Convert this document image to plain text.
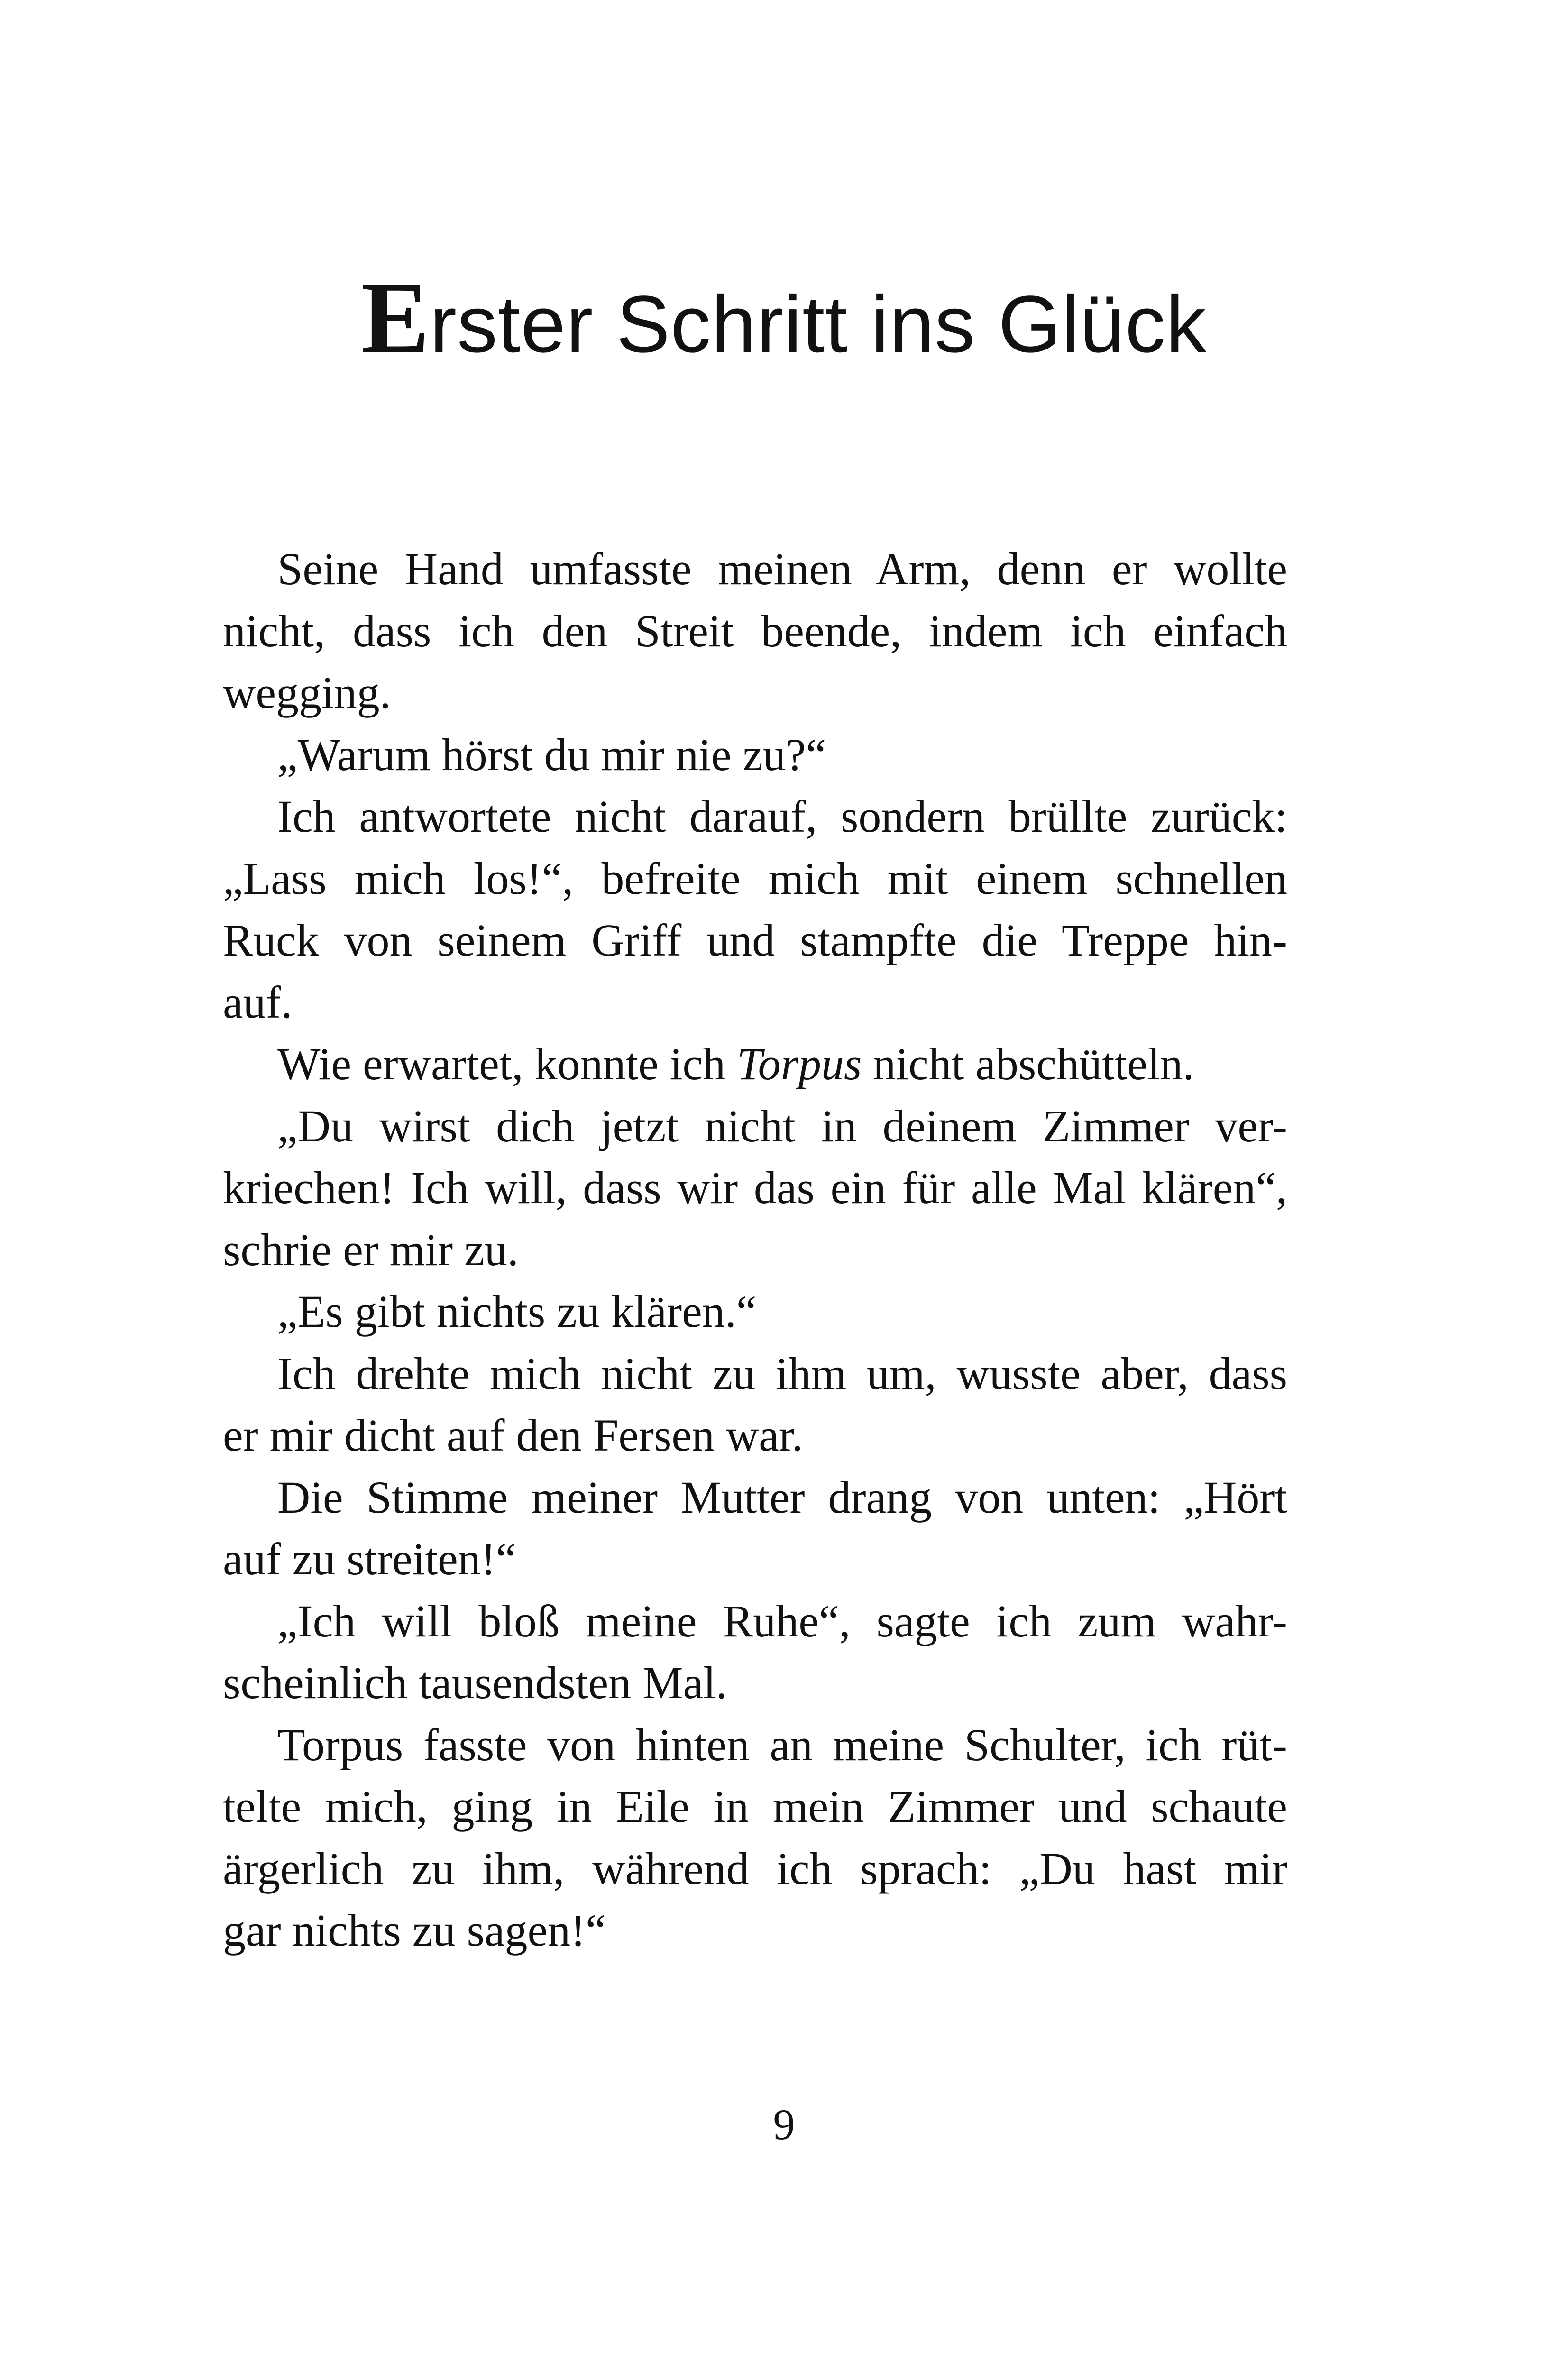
Erster Schritt ins Glück
Seine Hand umfasste meinen Arm, denn er wollte
nicht, dass ich den Streit beende, indem ich einfach
wegging.
„Warum hörst du mir nie zu?“
Ich antwortete nicht darauf, sondern brüllte zurück:
„Lass mich los!“, befreite mich mit einem schnellen
Ruck von seinem Griff und stampfte die Treppe hin-
auf.
Wie erwartet, konnte ich Torpus nicht abschütteln.
„Du wirst dich jetzt nicht in deinem Zimmer ver-
kriechen! Ich will, dass wir das ein für alle Mal klären“,
schrie er mir zu.
„Es gibt nichts zu klären.“
Ich drehte mich nicht zu ihm um, wusste aber, dass
er mir dicht auf den Fersen war.
Die Stimme meiner Mutter drang von unten: „Hört
auf zu streiten!“
„Ich will bloß meine Ruhe“, sagte ich zum wahr-
scheinlich tausendsten Mal.
Torpus fasste von hinten an meine Schulter, ich rüt-
telte mich, ging in Eile in mein Zimmer und schaute
ärgerlich zu ihm, während ich sprach: „Du hast mir
gar nichts zu sagen!“
9
